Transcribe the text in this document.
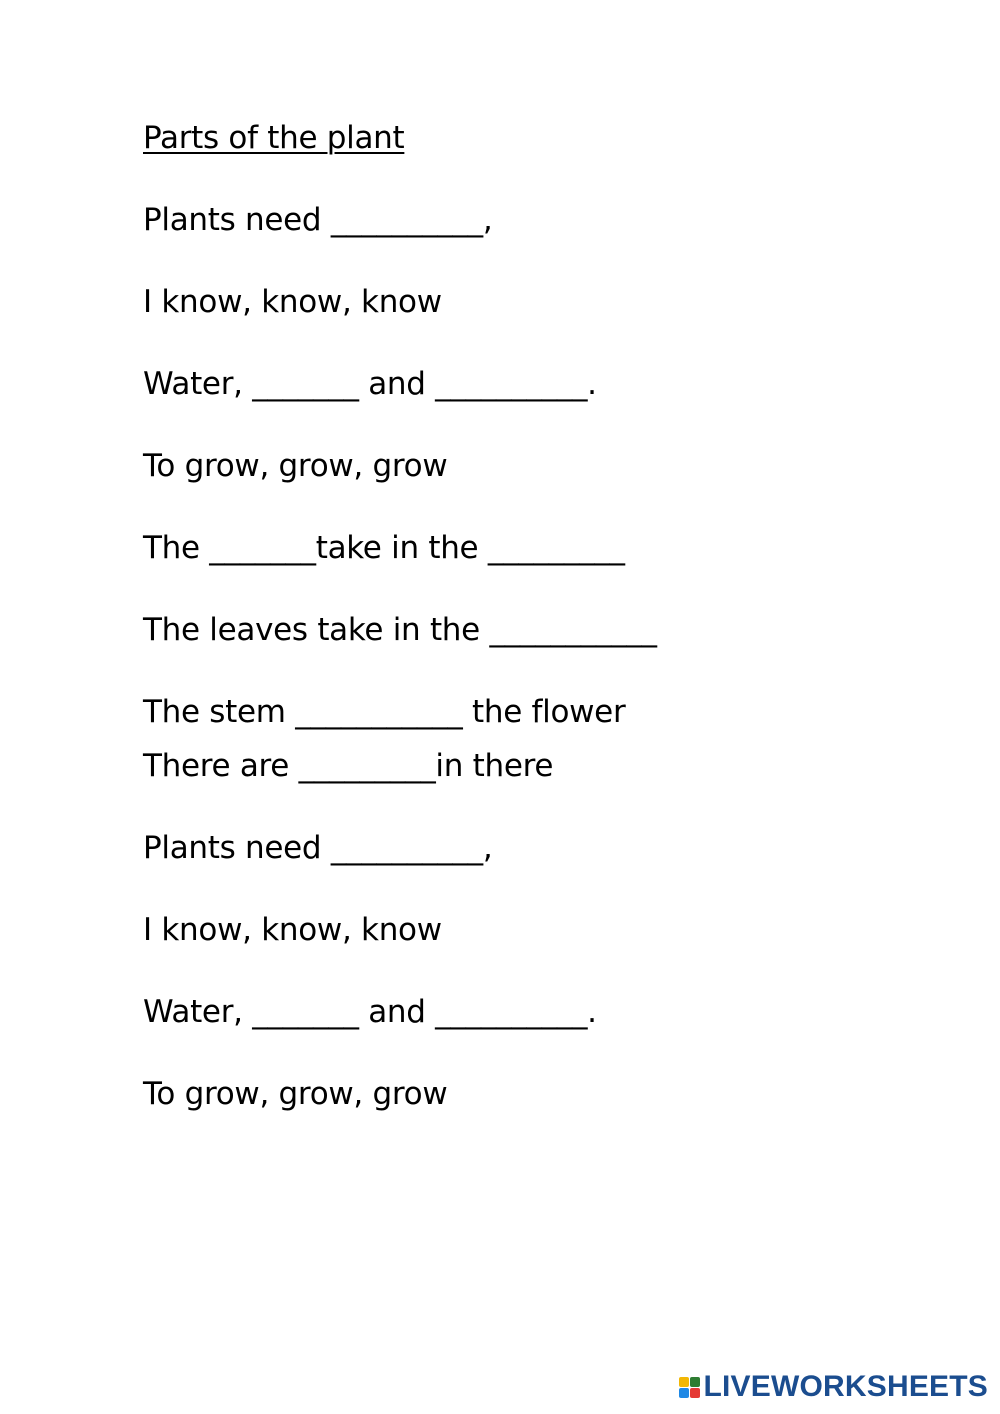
Parts of the plant
Plants need __________,
I know, know, know
Water, _______ and __________.
To grow, grow, grow
The _______take in the _________
The leaves take in the ___________
The stem ___________ the flower
There are _________in there
Plants need __________,
I know, know, know
Water, _______ and __________.
To grow, grow, grow
LIVEWORKSHEETS
